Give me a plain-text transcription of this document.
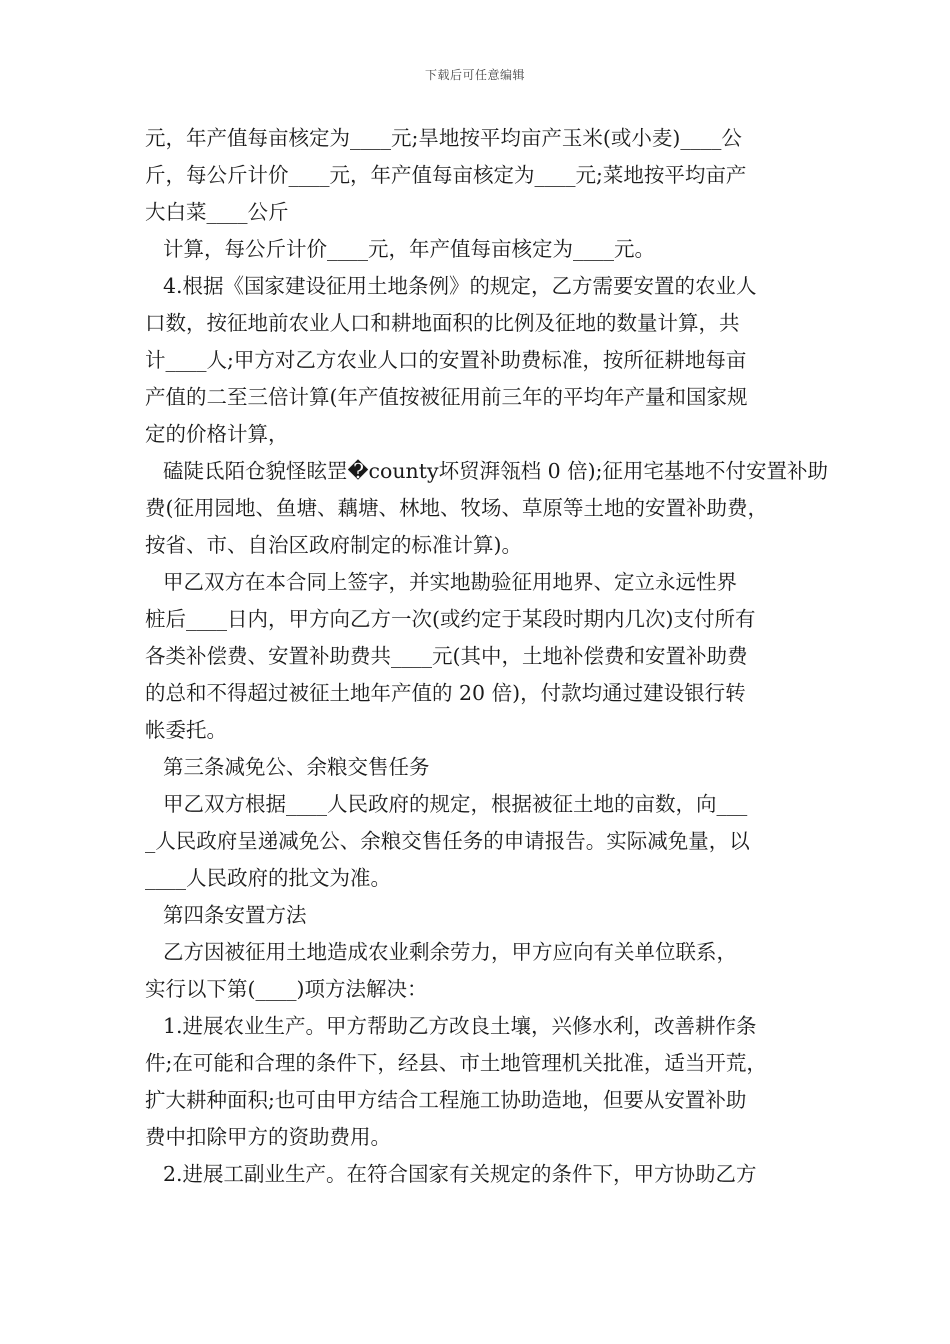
下载后可任意编辑
元，年产值每亩核定为____元;旱地按平均亩产玉米(或小麦)____公
斤，每公斤计价____元，年产值每亩核定为____元;菜地按平均亩产
大白菜____公斤
计算，每公斤计价____元，年产值每亩核定为____元。
4.根据《国家建设征用土地条例》的规定，乙方需要安置的农业人
口数，按征地前农业人口和耕地面积的比例及征地的数量计算，共
计____人;甲方对乙方农业人口的安置补助费标准，按所征耕地每亩
产值的二至三倍计算(年产值按被征用前三年的平均年产量和国家规
定的价格计算，
磕陡氐陌仓貌怪眩罡�county坏贸湃瓴档 0 倍);征用宅基地不付安置补助
费(征用园地、鱼塘、藕塘、林地、牧场、草原等土地的安置补助费，
按省、市、自治区政府制定的标准计算)。
甲乙双方在本合同上签字，并实地勘验征用地界、定立永远性界
桩后____日内，甲方向乙方一次(或约定于某段时期内几次)支付所有
各类补偿费、安置补助费共____元(其中，土地补偿费和安置补助费
的总和不得超过被征土地年产值的 20 倍)，付款均通过建设银行转
帐委托。
第三条减免公、余粮交售任务
甲乙双方根据____人民政府的规定，根据被征土地的亩数，向___
_人民政府呈递减免公、余粮交售任务的申请报告。实际减免量，以
____人民政府的批文为准。
第四条安置方法
乙方因被征用土地造成农业剩余劳力，甲方应向有关单位联系，
实行以下第(____)项方法解决：
1.进展农业生产。甲方帮助乙方改良土壤，兴修水利，改善耕作条
件;在可能和合理的条件下，经县、市土地管理机关批准，适当开荒，
扩大耕种面积;也可由甲方结合工程施工协助造地，但要从安置补助
费中扣除甲方的资助费用。
2.进展工副业生产。在符合国家有关规定的条件下，甲方协助乙方
